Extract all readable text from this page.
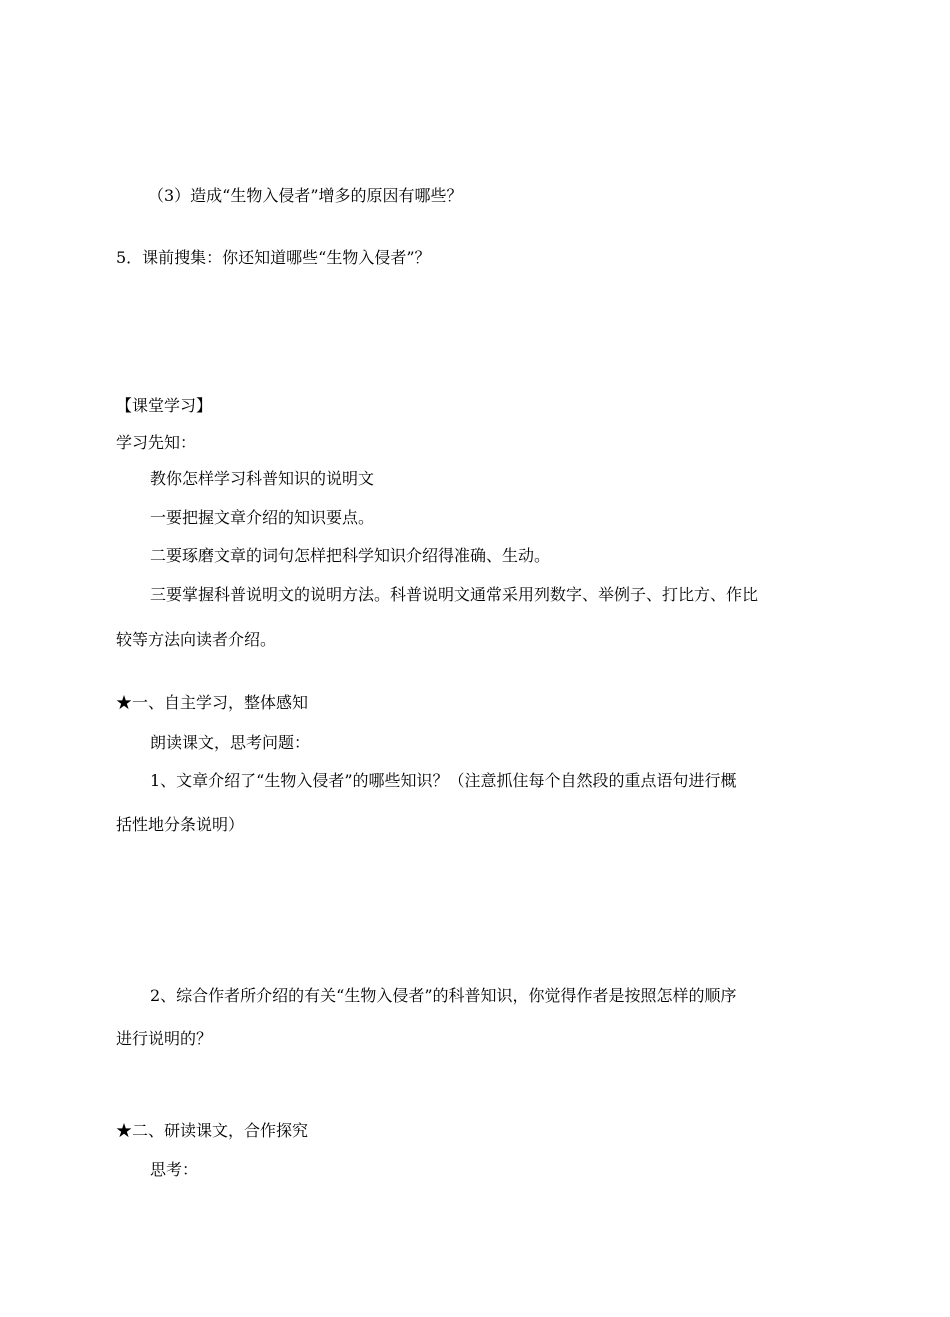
（3）造成“生物入侵者”增多的原因有哪些？
5．课前搜集：你还知道哪些“生物入侵者”？
【课堂学习】
学习先知：
教你怎样学习科普知识的说明文
一要把握文章介绍的知识要点。
二要琢磨文章的词句怎样把科学知识介绍得准确、生动。
三要掌握科普说明文的说明方法。科普说明文通常采用列数字、举例子、打比方、作比
较等方法向读者介绍。
★一、自主学习，整体感知
朗读课文，思考问题：
1、文章介绍了“生物入侵者”的哪些知识？（注意抓住每个自然段的重点语句进行概
括性地分条说明）
2、综合作者所介绍的有关“生物入侵者”的科普知识，你觉得作者是按照怎样的顺序
进行说明的？
★二、研读课文，合作探究
思考：
